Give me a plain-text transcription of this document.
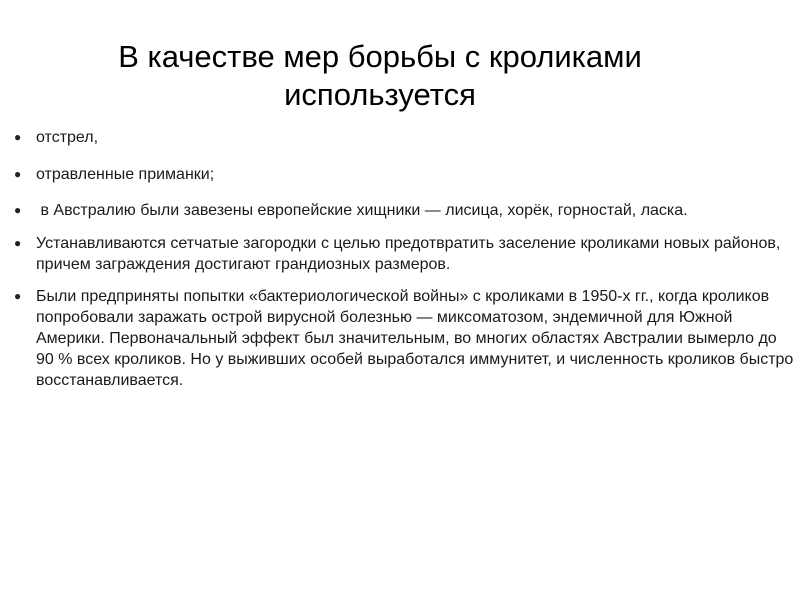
В качестве мер борьбы с кроликами
используется
● отстрел,
● отравленные приманки;
● в Австралию были завезены европейские хищники — лисица, хорёк, горностай, ласка.
● Устанавливаются сетчатые загородки с целью предотвратить заселение кроликами новых районов, причем заграждения достигают грандиозных размеров.
● Были предприняты попытки «бактериологической войны» с кроликами в 1950-х гг., когда кроликов попробовали заражать острой вирусной болезнью — миксоматозом, эндемичной для Южной Америки. Первоначальный эффект был значительным, во многих областях Австралии вымерло до 90 % всех кроликов. Но у выживших особей выработался иммунитет, и численность кроликов быстро восстанавливается.
